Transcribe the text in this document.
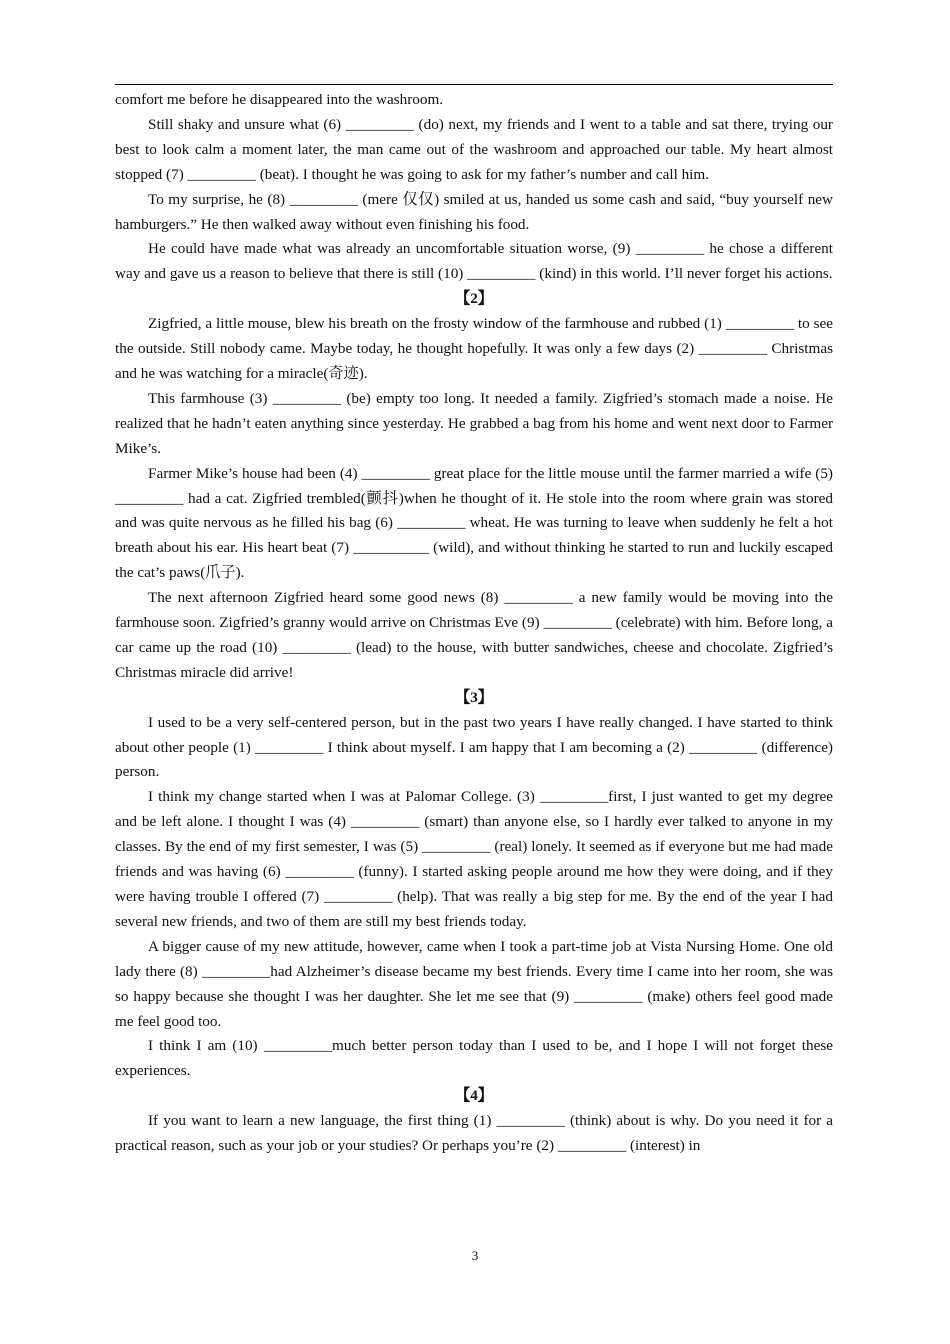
comfort me before he disappeared into the washroom.

Still shaky and unsure what (6) _________ (do) next, my friends and I went to a table and sat there, trying our best to look calm a moment later, the man came out of the washroom and approached our table. My heart almost stopped (7) _________ (beat). I thought he was going to ask for my father’s number and call him.

To my surprise, he (8) _________ (mere 仅仅) smiled at us, handed us some cash and said, “buy yourself new hamburgers.” He then walked away without even finishing his food.

He could have made what was already an uncomfortable situation worse, (9) _________ he chose a different way and gave us a reason to believe that there is still (10) _________ (kind) in this world. I’ll never forget his actions.

【2】

Zigfried, a little mouse, blew his breath on the frosty window of the farmhouse and rubbed (1) _________ to see the outside. Still nobody came. Maybe today, he thought hopefully. It was only a few days (2) _________ Christmas and he was watching for a miracle(奇迹).

This farmhouse (3) _________ (be) empty too long. It needed a family. Zigfried’s stomach made a noise. He realized that he hadn’t eaten anything since yesterday. He grabbed a bag from his home and went next door to Farmer Mike’s.

Farmer Mike’s house had been (4) _________ great place for the little mouse until the farmer married a wife (5) _________ had a cat. Zigfried trembled(颤抖)when he thought of it. He stole into the room where grain was stored and was quite nervous as he filled his bag (6) _________ wheat. He was turning to leave when suddenly he felt a hot breath about his ear. His heart beat (7) __________ (wild), and without thinking he started to run and luckily escaped the cat’s paws(爪子).

The next afternoon Zigfried heard some good news (8) _________ a new family would be moving into the farmhouse soon. Zigfried’s granny would arrive on Christmas Eve (9) _________ (celebrate) with him. Before long, a car came up the road (10) _________ (lead) to the house, with butter sandwiches, cheese and chocolate. Zigfried’s Christmas miracle did arrive!

【3】

I used to be a very self-centered person, but in the past two years I have really changed. I have started to think about other people (1) _________ I think about myself. I am happy that I am becoming a (2) _________ (difference) person.

I think my change started when I was at Palomar College. (3) _________first, I just wanted to get my degree and be left alone. I thought I was (4) _________ (smart) than anyone else, so I hardly ever talked to anyone in my classes. By the end of my first semester, I was (5) _________ (real) lonely. It seemed as if everyone but me had made friends and was having (6) _________ (funny). I started asking people around me how they were doing, and if they were having trouble I offered (7) _________ (help). That was really a big step for me. By the end of the year I had several new friends, and two of them are still my best friends today.

A bigger cause of my new attitude, however, came when I took a part-time job at Vista Nursing Home. One old lady there (8) _________had Alzheimer’s disease became my best friends. Every time I came into her room, she was so happy because she thought I was her daughter. She let me see that (9) _________ (make) others feel good made me feel good too.

I think I am (10) _________much better person today than I used to be, and I hope I will not forget these experiences.

【4】

If you want to learn a new language, the first thing (1) _________ (think) about is why. Do you need it for a practical reason, such as your job or your studies? Or perhaps you’re (2) _________ (interest) in

3
